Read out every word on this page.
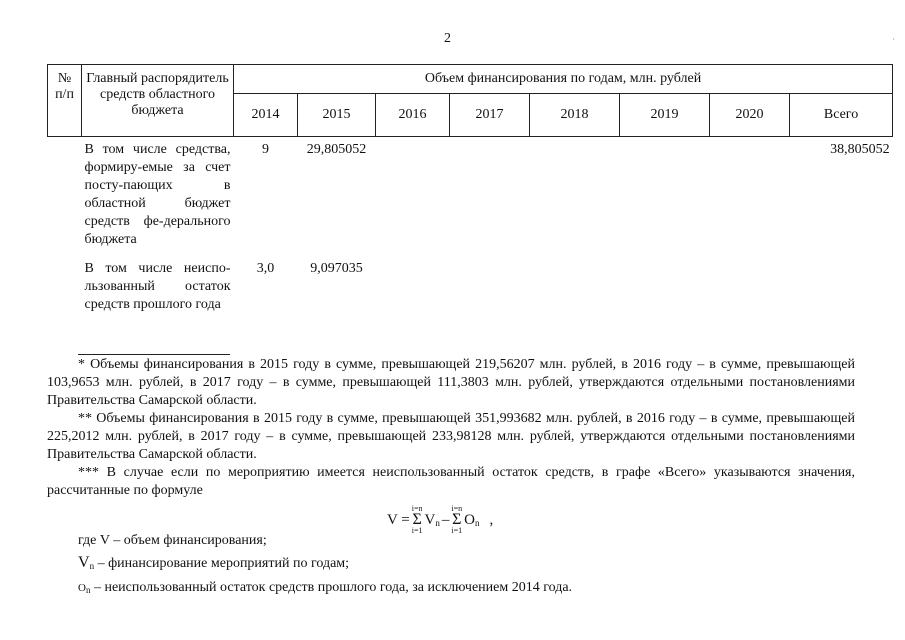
2	·
№
п/п	Главный распорядитель средств областного бюджета	Объем финансирования по годам, млн. рублей							
		2014	2015	2016	2017	2018	2019	2020	Всего
	В том числе средства, формиру-емые за счет посту-пающих в областной бюджет средств фе-дерального бюджета	9	29,805052						38,805052
	В том числе неиспо-льзованный остаток средств прошлого года	3,0	9,097035						

* Объемы финансирования в 2015 году в сумме, превышающей 219,56207 млн. рублей, в 2016 году – в сумме, превышающей 103,9653 млн. рублей, в 2017 году – в сумме, превышающей 111,3803 млн. рублей, утверждаются отдельными постановлениями Правительства Самарской области.

** Объемы финансирования в 2015 году в сумме, превышающей 351,993682 млн. рублей, в 2016 году – в сумме, превышающей 225,2012 млн. рублей, в 2017 году – в сумме, превышающей 233,98128 млн. рублей, утверждаются отдельными постановлениями Правительства Самарской области.

*** В случае если по мероприятию имеется неиспользованный остаток средств, в графе «Всего» указываются значения, рассчитанные по формуле

V =
i=n
Σ
i=1
$V_n$ –
i=n
Σ
i=1
$O_n$ ,
где V – объем финансирования;
$V_n$ – финансирование мероприятий по годам;
$O_n$ – неиспользованный остаток средств прошлого года, за исключением 2014 года.
